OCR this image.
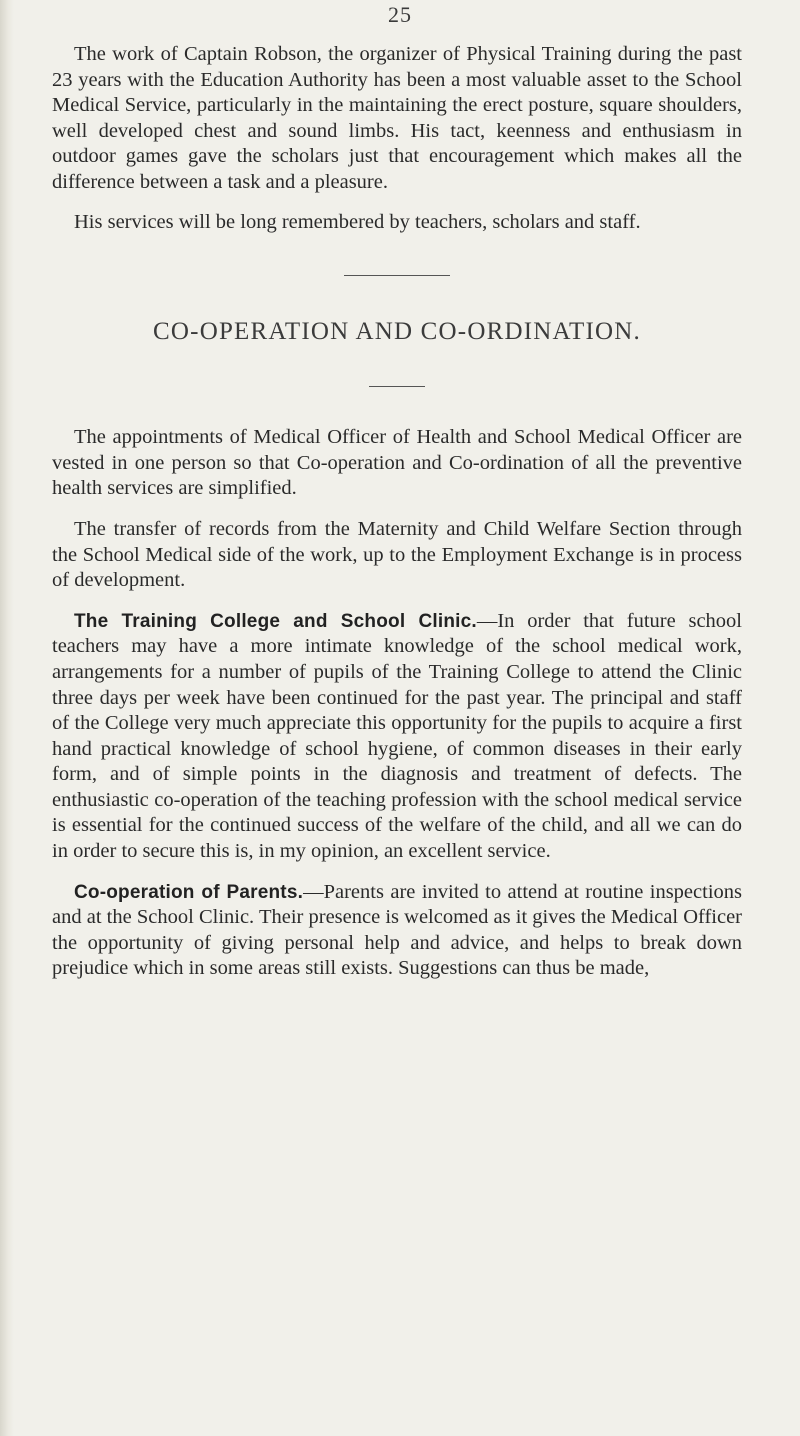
25

The work of Captain Robson, the organizer of Physical Training during the past 23 years with the Education Authority has been a most valuable asset to the School Medical Service, particularly in the maintaining the erect posture, square shoulders, well developed chest and sound limbs. His tact, keenness and enthusiasm in outdoor games gave the scholars just that encouragement which makes all the difference between a task and a pleasure.

His services will be long remembered by teachers, scholars and staff.

CO-OPERATION AND CO-ORDINATION.

The appointments of Medical Officer of Health and School Medical Officer are vested in one person so that Co-operation and Co-ordination of all the preventive health services are simplified.

The transfer of records from the Maternity and Child Welfare Section through the School Medical side of the work, up to the Employment Exchange is in process of development.

The Training College and School Clinic.—In order that future school teachers may have a more intimate knowledge of the school medical work, arrangements for a number of pupils of the Training College to attend the Clinic three days per week have been continued for the past year. The principal and staff of the College very much appreciate this opportunity for the pupils to acquire a first hand practical knowledge of school hygiene, of common diseases in their early form, and of simple points in the diagnosis and treatment of defects. The enthusiastic co-operation of the teaching profession with the school medical service is essential for the continued success of the welfare of the child, and all we can do in order to secure this is, in my opinion, an excellent service.

Co-operation of Parents.—Parents are invited to attend at routine inspections and at the School Clinic. Their presence is welcomed as it gives the Medical Officer the opportunity of giving personal help and advice, and helps to break down prejudice which in some areas still exists. Suggestions can thus be made,
